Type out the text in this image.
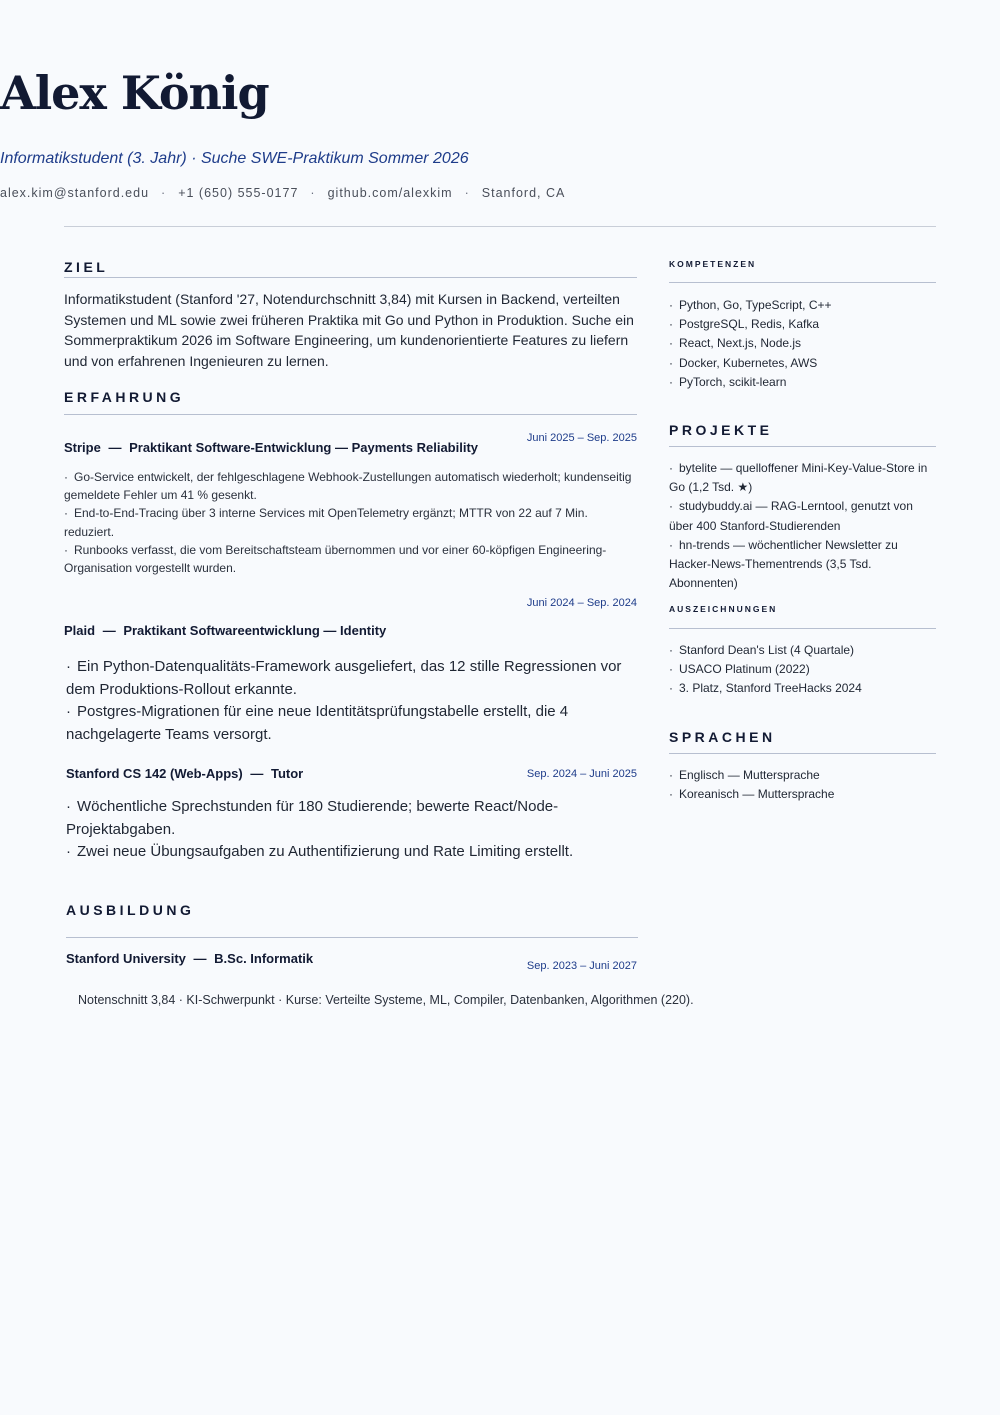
Alex König
Informatikstudent (3. Jahr) · Suche SWE-Praktikum Sommer 2026
alex.kim@stanford.edu · +1 (650) 555-0177 · github.com/alexkim · Stanford, CA
ZIEL
Informatikstudent (Stanford '27, Notendurchschnitt 3,84) mit Kursen in Backend, verteilten Systemen und ML sowie zwei früheren Praktika mit Go und Python in Produktion. Suche ein Sommerpraktikum 2026 im Software Engineering, um kundenorientierte Features zu liefern und von erfahrenen Ingenieuren zu lernen.
ERFAHRUNG
Juni 2025 – Sep. 2025
Stripe — Praktikant Software-Entwicklung — Payments Reliability
· Go-Service entwickelt, der fehlgeschlagene Webhook-Zustellungen automatisch wiederholt; kundenseitig gemeldete Fehler um 41 % gesenkt.
· End-to-End-Tracing über 3 interne Services mit OpenTelemetry ergänzt; MTTR von 22 auf 7 Min. reduziert.
· Runbooks verfasst, die vom Bereitschaftsteam übernommen und vor einer 60-köpfigen Engineering-Organisation vorgestellt wurden.
Juni 2024 – Sep. 2024
Plaid — Praktikant Softwareentwicklung — Identity
· Ein Python-Datenqualitäts-Framework ausgeliefert, das 12 stille Regressionen vor dem Produktions-Rollout erkannte.
· Postgres-Migrationen für eine neue Identitätsprüfungstabelle erstellt, die 4 nachgelagerte Teams versorgt.
Sep. 2024 – Juni 2025
Stanford CS 142 (Web-Apps) — Tutor
· Wöchentliche Sprechstunden für 180 Studierende; bewerte React/Node-Projektabgaben.
· Zwei neue Übungsaufgaben zu Authentifizierung und Rate Limiting erstellt.
AUSBILDUNG
Stanford University — B.Sc. Informatik	Sep. 2023 – Juni 2027
Notenschnitt 3,84 · KI-Schwerpunkt · Kurse: Verteilte Systeme, ML, Compiler, Datenbanken, Algorithmen (220).
KOMPETENZEN
· Python, Go, TypeScript, C++
· PostgreSQL, Redis, Kafka
· React, Next.js, Node.js
· Docker, Kubernetes, AWS
· PyTorch, scikit-learn
PROJEKTE
· bytelite — quelloffener Mini-Key-Value-Store in Go (1,2 Tsd. ★)
· studybuddy.ai — RAG-Lerntool, genutzt von über 400 Stanford-Studierenden
· hn-trends — wöchentlicher Newsletter zu Hacker-News-Thementrends (3,5 Tsd. Abonnenten)
AUSZEICHNUNGEN
· Stanford Dean's List (4 Quartale)
· USACO Platinum (2022)
· 3. Platz, Stanford TreeHacks 2024
SPRACHEN
· Englisch — Muttersprache
· Koreanisch — Muttersprache
